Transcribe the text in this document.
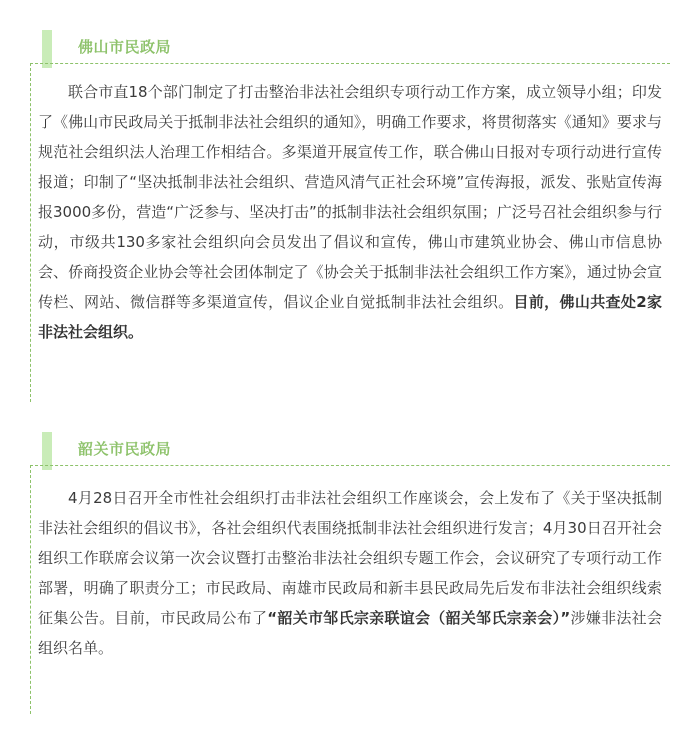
佛山市民政局

联合市直18个部门制定了打击整治非法社会组织专项行动工作方案，成立领导小组；印发了《佛山市民政局关于抵制非法社会组织的通知》，明确工作要求，将贯彻落实《通知》要求与规范社会组织法人治理工作相结合。多渠道开展宣传工作，联合佛山日报对专项行动进行宣传报道；印制了“坚决抵制非法社会组织、营造风清气正社会环境”宣传海报，派发、张贴宣传海报3000多份，营造“广泛参与、坚决打击”的抵制非法社会组织氛围；广泛号召社会组织参与行动，市级共130多家社会组织向会员发出了倡议和宣传，佛山市建筑业协会、佛山市信息协会、侨商投资企业协会等社会团体制定了《协会关于抵制非法社会组织工作方案》，通过协会宣传栏、网站、微信群等多渠道宣传，倡议企业自觉抵制非法社会组织。目前，佛山共查处2家非法社会组织。

韶关市民政局

4月28日召开全市性社会组织打击非法社会组织工作座谈会，会上发布了《关于坚决抵制非法社会组织的倡议书》，各社会组织代表围绕抵制非法社会组织进行发言；4月30日召开社会组织工作联席会议第一次会议暨打击整治非法社会组织专题工作会，会议研究了专项行动工作部署，明确了职责分工；市民政局、南雄市民政局和新丰县民政局先后发布非法社会组织线索征集公告。目前，市民政局公布了“韶关市邹氏宗亲联谊会（韶关邹氏宗亲会）”涉嫌非法社会组织名单。
